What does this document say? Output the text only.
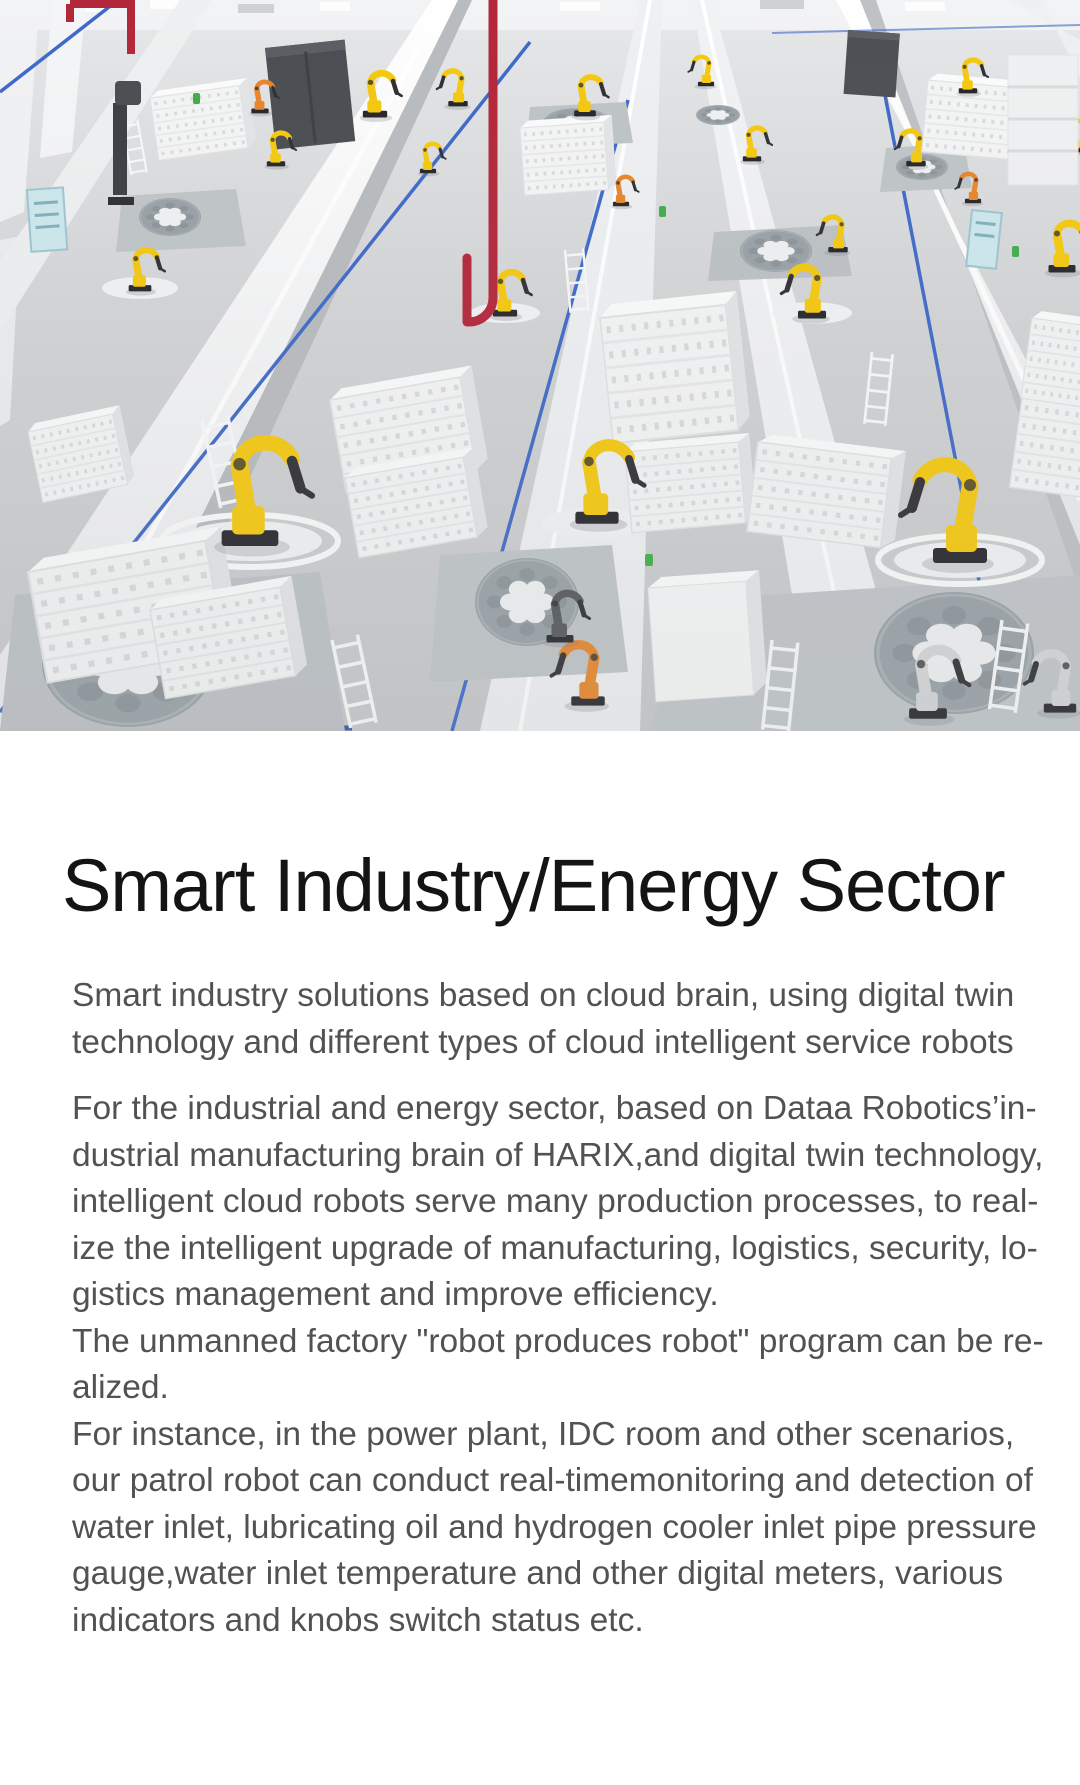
Smart Industry/Energy Sector
Smart industry solutions based on cloud brain, using digital twin
technology and different types of cloud intelligent service robots
For the industrial and energy sector, based on Dataa Robotics’in-
dustrial manufacturing brain of HARIX,and digital twin technology,
intelligent cloud robots serve many production processes, to real-
ize the intelligent upgrade of manufacturing, logistics, security, lo-
gistics management and improve efficiency.
The unmanned factory "robot produces robot" program can be re-
alized.
For instance, in the power plant, IDC room and other scenarios,
our patrol robot can conduct real-timemonitoring and detection of
water inlet, lubricating oil and hydrogen cooler inlet pipe pressure
gauge,water inlet temperature and other digital meters, various
indicators and knobs switch status etc.
